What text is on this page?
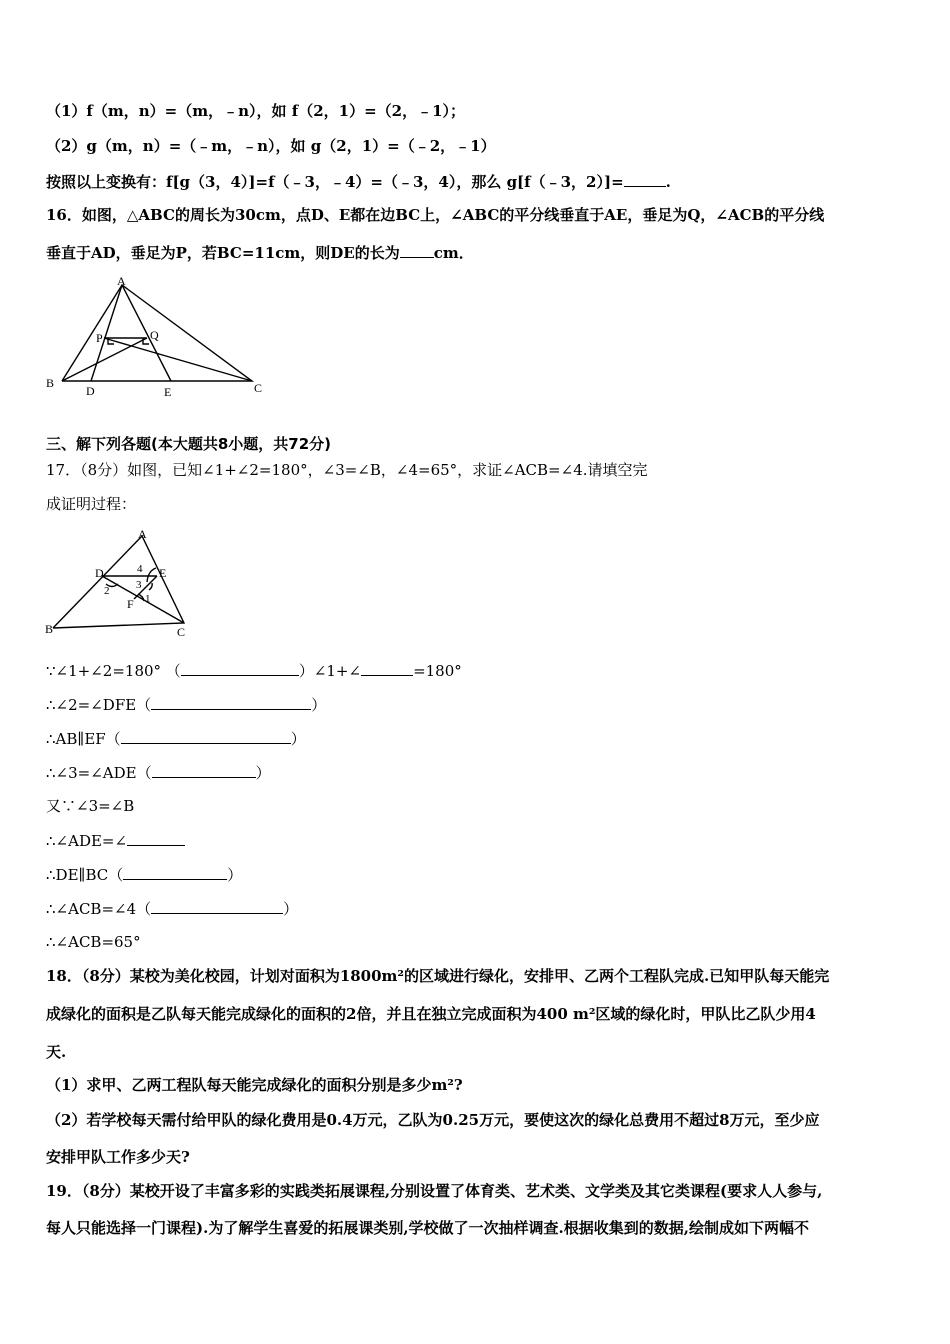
（1）f（m，n）=（m，﹣n），如 f（2，1）=（2，﹣1）；
（2）g（m，n）=（﹣m，﹣n），如 g（2，1）=（﹣2，﹣1）
按照以上变换有：f[g（3，4）]=f（﹣3，﹣4）=（﹣3，4），那么 g[f（﹣3，2）]=	.
16．如图，△ABC的周长为30cm，点D、E都在边BC上，∠ABC的平分线垂直于AE，垂足为Q，∠ACB的平分线
垂直于AD，垂足为P，若BC=11cm，则DE的长为 cm．
A
B	C
D	E
P	Q
三、解下列各题(本大题共8小题，共72分)
17．（8分）如图，已知∠1+∠2=180°，∠3=∠B，∠4=65°，求证∠ACB=∠4.请填空完
成证明过程：
A
B	C
D	E
F 1
2 3
4
∵∠1+∠2=180° （	）∠1+∠	=180°
∴∠2=∠DFE（	）
∴AB∥EF（	）
∴∠3=∠ADE（	）
又∵∠3=∠B
∴∠ADE=∠
∴DE∥BC（	）
∴∠ACB=∠4（	）
∴∠ACB=65°
18．（8分）某校为美化校园，计划对面积为1800m²的区域进行绿化，安排甲、乙两个工程队完成.已知甲队每天能完
成绿化的面积是乙队每天能完成绿化的面积的2倍，并且在独立完成面积为400 m²区域的绿化时，甲队比乙队少用4
天.
（1）求甲、乙两工程队每天能完成绿化的面积分别是多少m²?
（2）若学校每天需付给甲队的绿化费用是0.4万元，乙队为0.25万元，要使这次的绿化总费用不超过8万元，至少应
安排甲队工作多少天?
19．（8分）某校开设了丰富多彩的实践类拓展课程,分别设置了体育类、艺术类、文学类及其它类课程(要求人人参与,
每人只能选择一门课程).为了解学生喜爱的拓展课类别,学校做了一次抽样调查.根据收集到的数据,绘制成如下两幅不
